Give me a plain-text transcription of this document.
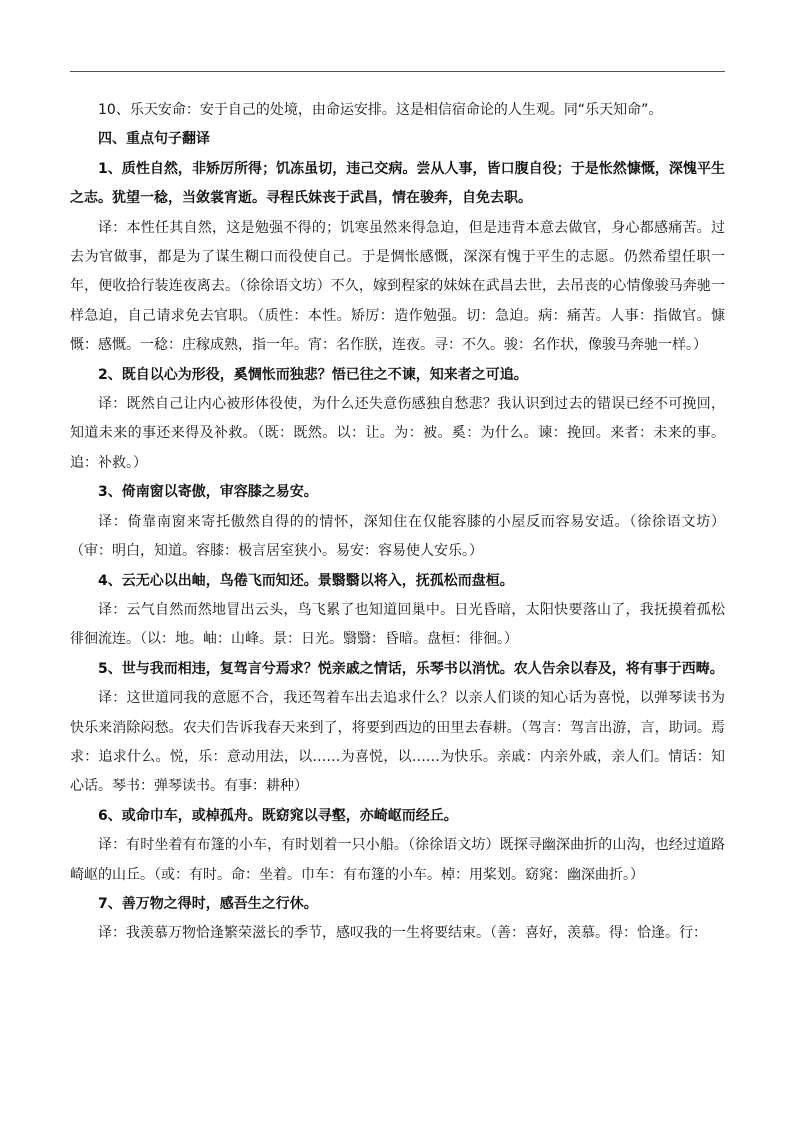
10、乐天安命：安于自己的处境，由命运安排。这是相信宿命论的人生观。同“乐天知命”。

四、重点句子翻译

1、质性自然，非矫厉所得；饥冻虽切，违己交病。尝从人事，皆口腹自役；于是怅然慷慨，深愧平生之志。犹望一稔，当敛裳宵逝。寻程氏妹丧于武昌，情在骏奔，自免去职。

译：本性任其自然，这是勉强不得的；饥寒虽然来得急迫，但是违背本意去做官，身心都感痛苦。过去为官做事，都是为了谋生糊口而役使自己。于是惆怅感慨，深深有愧于平生的志愿。仍然希望任职一年，便收拾行装连夜离去。（徐徐语文坊）不久，嫁到程家的妹妹在武昌去世，去吊丧的心情像骏马奔驰一样急迫，自己请求免去官职。（质性：本性。矫厉：造作勉强。切：急迫。病：痛苦。人事：指做官。慷慨：感慨。一稔：庄稼成熟，指一年。宵：名作朕，连夜。寻：不久。骏：名作状，像骏马奔驰一样。）

2、既自以心为形役，奚惆怅而独悲？悟已往之不谏，知来者之可追。

译：既然自己让内心被形体役使，为什么还失意伤感独自愁悲？我认识到过去的错误已经不可挽回，知道未来的事还来得及补救。（既：既然。以：让。为：被。奚：为什么。谏：挽回。来者：未来的事。追：补救。）

3、倚南窗以寄傲，审容膝之易安。

译：倚靠南窗来寄托傲然自得的的情怀，深知住在仅能容膝的小屋反而容易安适。（徐徐语文坊）（审：明白，知道。容膝：极言居室狭小。易安：容易使人安乐。）

4、云无心以出岫，鸟倦飞而知还。景翳翳以将入，抚孤松而盘桓。

译：云气自然而然地冒出云头，鸟飞累了也知道回巢中。日光昏暗，太阳快要落山了，我抚摸着孤松徘徊流连。（以：地。岫：山峰。景：日光。翳翳：昏暗。盘桓：徘徊。）

5、世与我而相违，复驾言兮焉求？悦亲戚之情话，乐琴书以消忧。农人告余以春及，将有事于西畴。

译：这世道同我的意愿不合，我还驾着车出去追求什么？以亲人们谈的知心话为喜悦，以弹琴读书为快乐来消除闷愁。农夫们告诉我春天来到了，将要到西边的田里去春耕。（驾言：驾言出游，言，助词。焉求：追求什么。悦，乐：意动用法，以……为喜悦，以……为快乐。亲戚：内亲外戚，亲人们。情话：知心话。琴书：弹琴读书。有事：耕种）

6、或命巾车，或棹孤舟。既窈窕以寻壑，亦崎岖而经丘。

译：有时坐着有布篷的小车，有时划着一只小船。（徐徐语文坊）既探寻幽深曲折的山沟，也经过道路崎岖的山丘。（或：有时。命：坐着。巾车：有布篷的小车。棹：用桨划。窈窕：幽深曲折。）

7、善万物之得时，感吾生之行休。

译：我羡慕万物恰逢繁荣滋长的季节，感叹我的一生将要结束。（善：喜好，羡慕。得：恰逢。行：
